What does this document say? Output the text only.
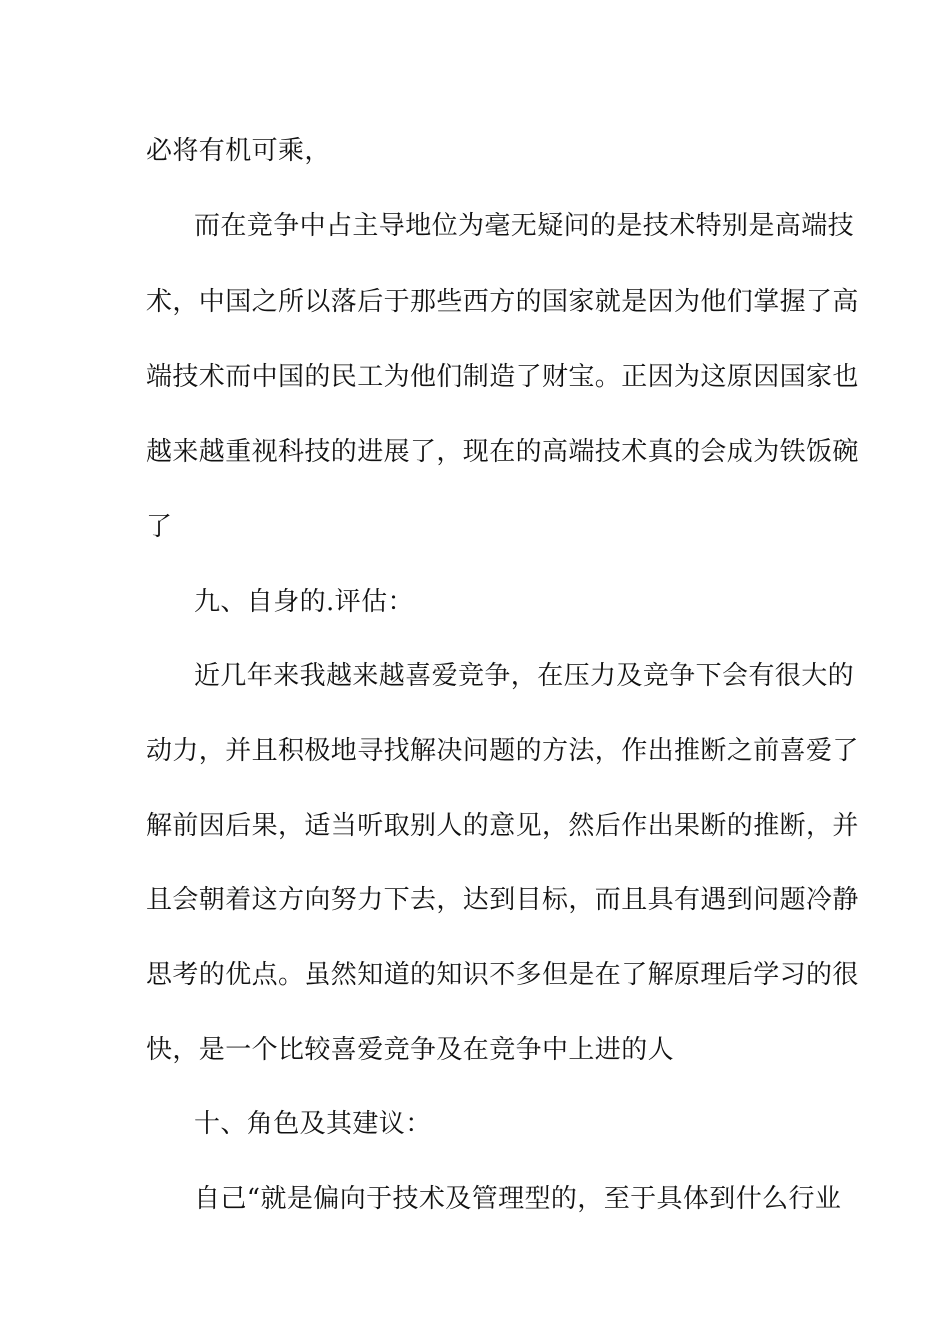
必将有机可乘，
而在竞争中占主导地位为毫无疑问的是技术特别是高端技
术，中国之所以落后于那些西方的国家就是因为他们掌握了高
端技术而中国的民工为他们制造了财宝。正因为这原因国家也
越来越重视科技的进展了，现在的高端技术真的会成为铁饭碗
了
九、自身的.评估：
近几年来我越来越喜爱竞争，在压力及竞争下会有很大的
动力，并且积极地寻找解决问题的方法，作出推断之前喜爱了
解前因后果，适当听取别人的意见，然后作出果断的推断，并
且会朝着这方向努力下去，达到目标，而且具有遇到问题冷静
思考的优点。虽然知道的知识不多但是在了解原理后学习的很
快，是一个比较喜爱竞争及在竞争中上进的人
十、角色及其建议：
自己“就是偏向于技术及管理型的，至于具体到什么行业
